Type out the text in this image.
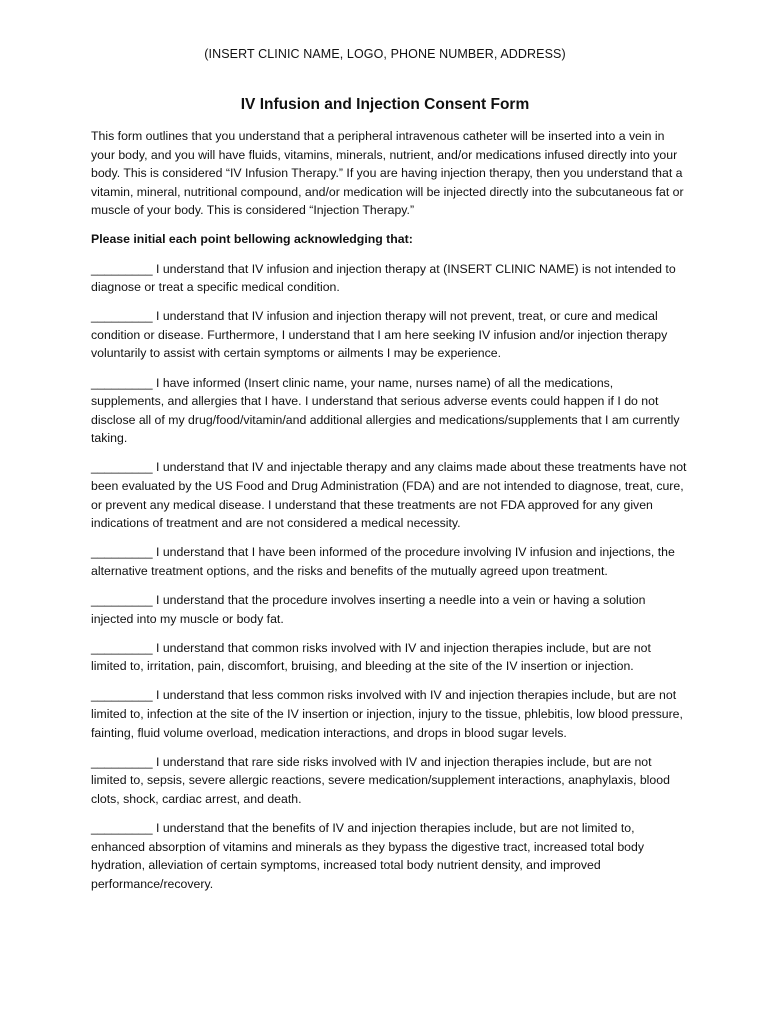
(INSERT CLINIC NAME, LOGO, PHONE NUMBER, ADDRESS)
IV Infusion and Injection Consent Form

This form outlines that you understand that a peripheral intravenous catheter will be inserted into a vein in your body, and you will have fluids, vitamins, minerals, nutrient, and/or medications infused directly into your body. This is considered “IV Infusion Therapy.” If you are having injection therapy, then you understand that a vitamin, mineral, nutritional compound, and/or medication will be injected directly into the subcutaneous fat or muscle of your body. This is considered “Injection Therapy.”

Please initial each point bellowing acknowledging that:

_________ I understand that IV infusion and injection therapy at (INSERT CLINIC NAME) is not intended to diagnose or treat a specific medical condition.

_________ I understand that IV infusion and injection therapy will not prevent, treat, or cure and medical condition or disease. Furthermore, I understand that I am here seeking IV infusion and/or injection therapy voluntarily to assist with certain symptoms or ailments I may be experience.

_________ I have informed (Insert clinic name, your name, nurses name) of all the medications, supplements, and allergies that I have. I understand that serious adverse events could happen if I do not disclose all of my drug/food/vitamin/and additional allergies and medications/supplements that I am currently taking.

_________ I understand that IV and injectable therapy and any claims made about these treatments have not been evaluated by the US Food and Drug Administration (FDA) and are not intended to diagnose, treat, cure, or prevent any medical disease. I understand that these treatments are not FDA approved for any given indications of treatment and are not considered a medical necessity.

_________ I understand that I have been informed of the procedure involving IV infusion and injections, the alternative treatment options, and the risks and benefits of the mutually agreed upon treatment.

_________ I understand that the procedure involves inserting a needle into a vein or having a solution injected into my muscle or body fat.

_________ I understand that common risks involved with IV and injection therapies include, but are not limited to, irritation, pain, discomfort, bruising, and bleeding at the site of the IV insertion or injection.

_________ I understand that less common risks involved with IV and injection therapies include, but are not limited to, infection at the site of the IV insertion or injection, injury to the tissue, phlebitis, low blood pressure, fainting, fluid volume overload, medication interactions, and drops in blood sugar levels.

_________ I understand that rare side risks involved with IV and injection therapies include, but are not limited to, sepsis, severe allergic reactions, severe medication/supplement interactions, anaphylaxis, blood clots, shock, cardiac arrest, and death.

_________ I understand that the benefits of IV and injection therapies include, but are not limited to, enhanced absorption of vitamins and minerals as they bypass the digestive tract, increased total body hydration, alleviation of certain symptoms, increased total body nutrient density, and improved performance/recovery.
